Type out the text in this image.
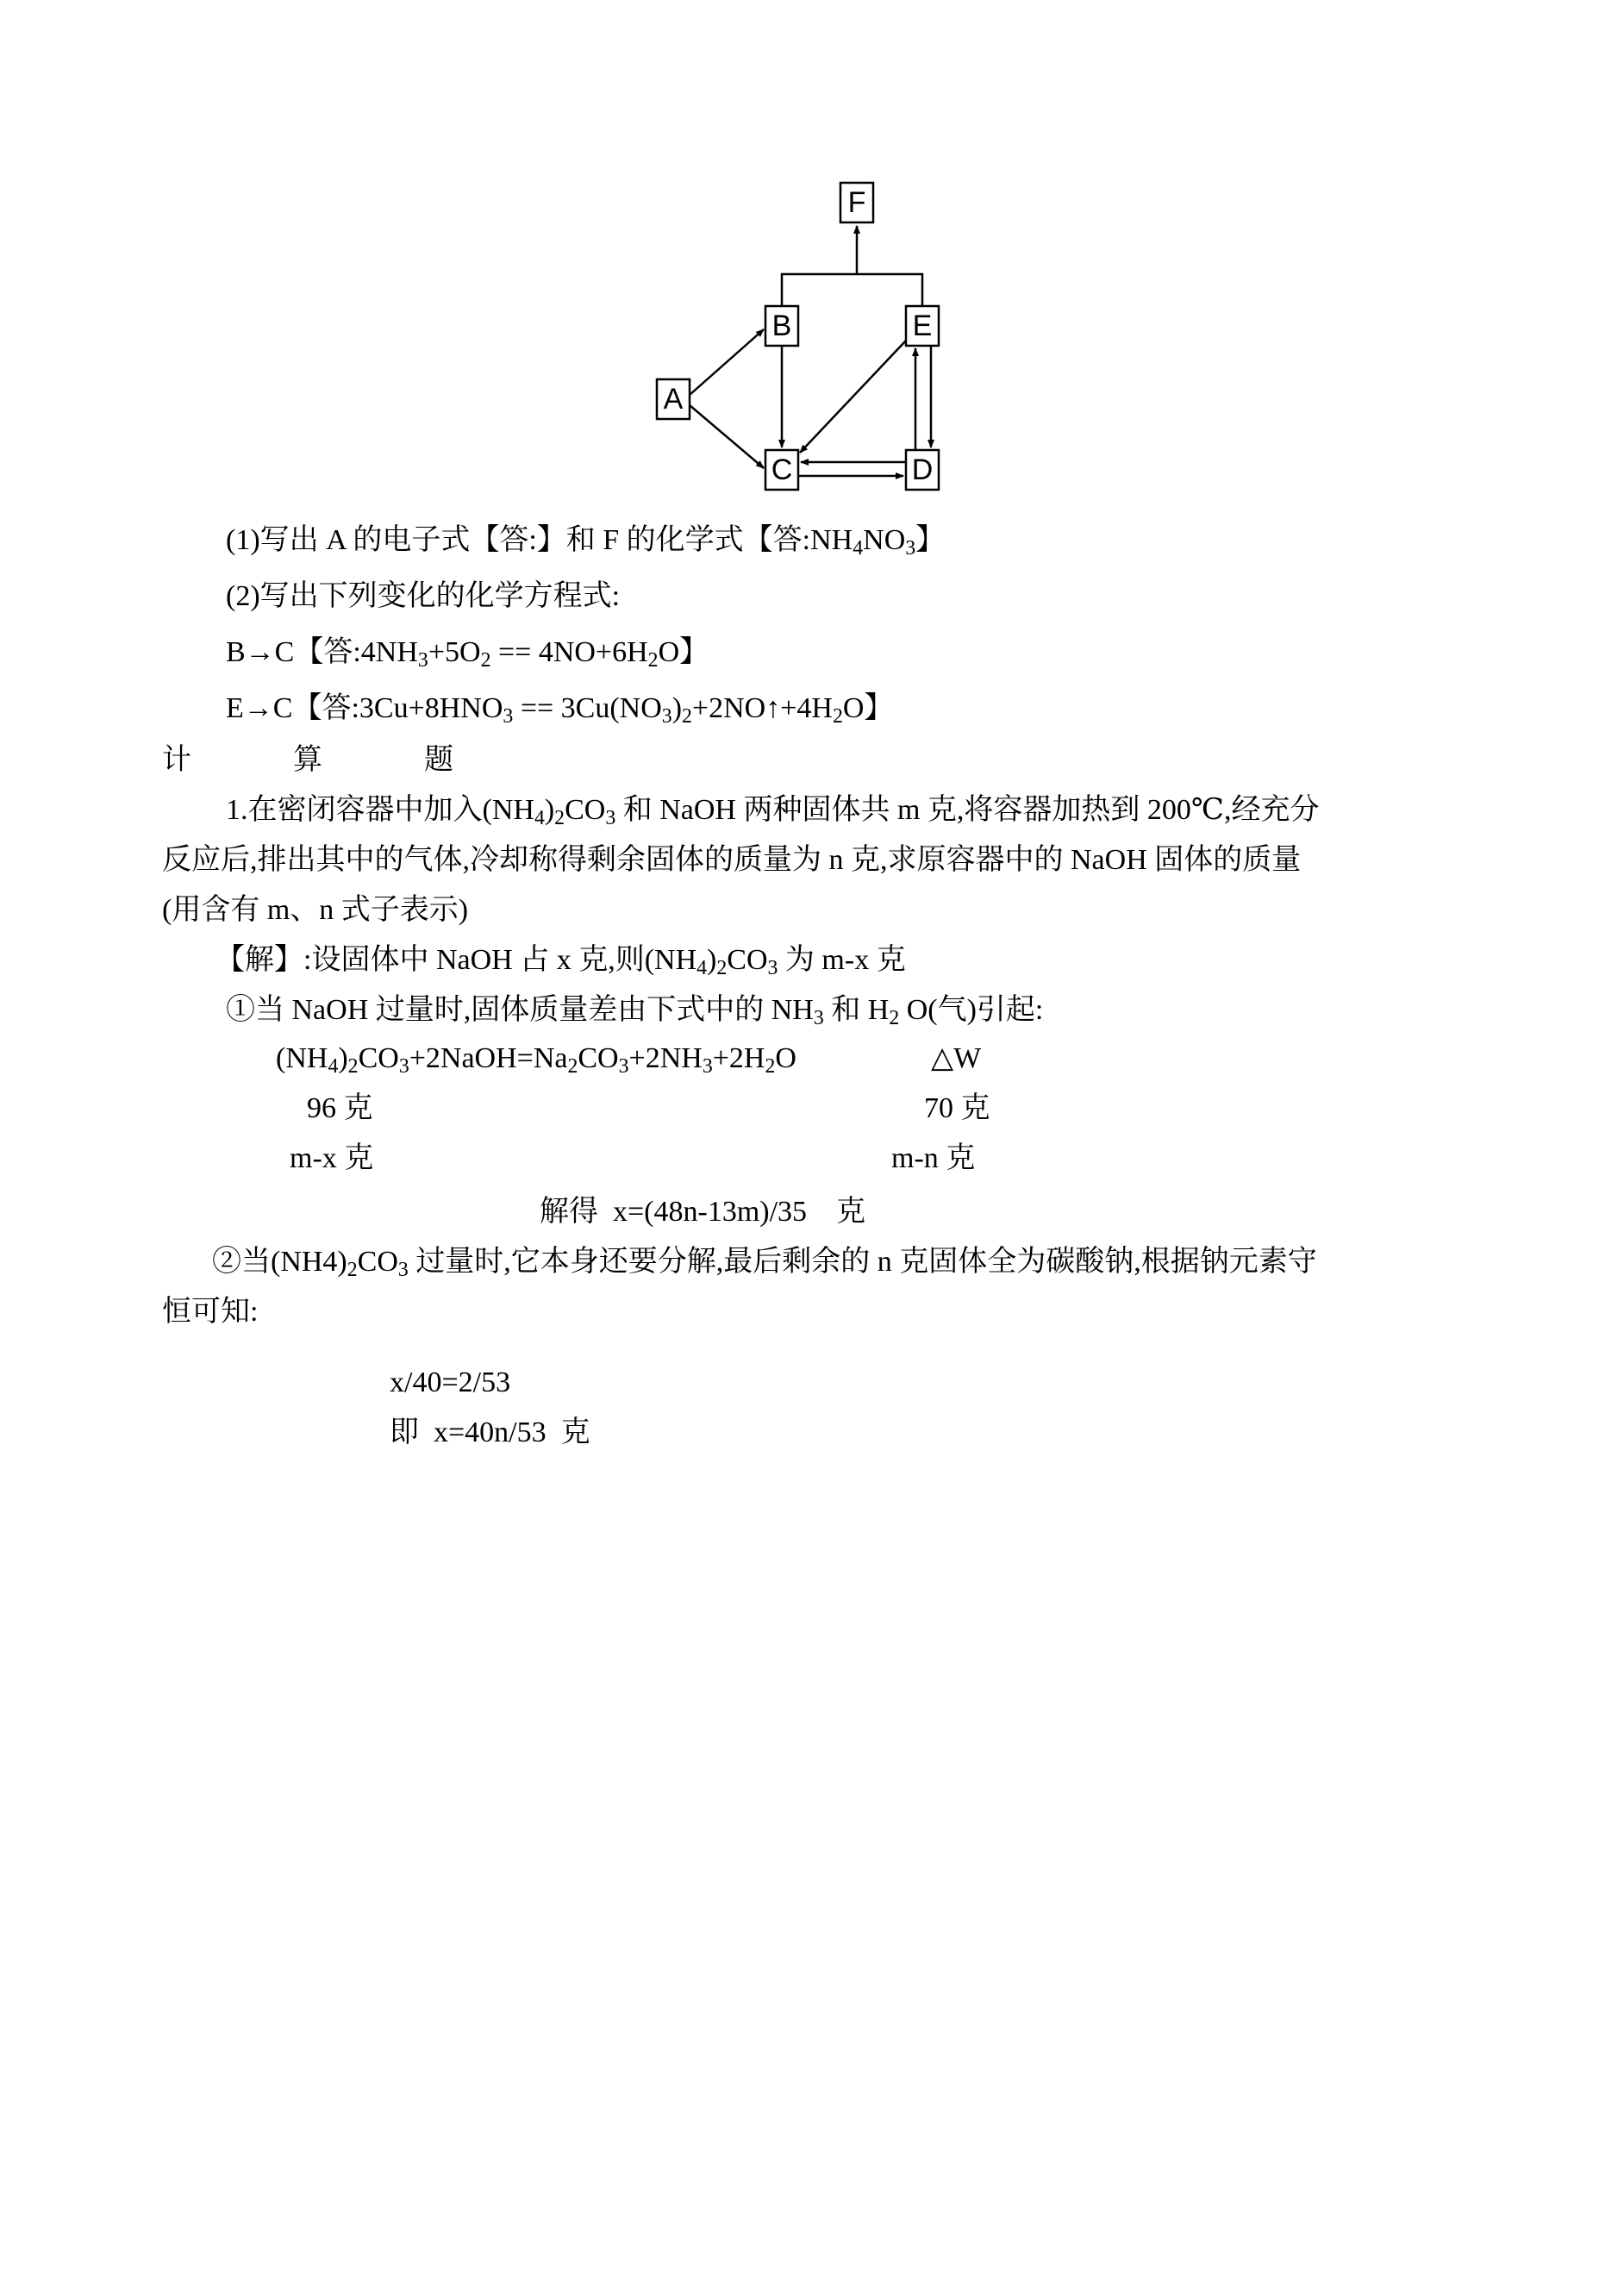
F
B	E
A
C	D
(1)写出 A 的电子式【答:】和 F 的化学式【答$:NH_4NO_3$】
(2)写出下列变化的化学方程式:
B→C【答$:4NH_3+5O_2 == 4NO+6H_2O$】
E→C【答$:3Cu+8HNO_3$ == $3Cu(NO_3)_2+2NO↑+4H_2O$】
计	算	题
1.在密闭容器中加入$(NH_4)_2CO_3$ 和 NaOH 两种固体共 m 克,将容器加热到 200℃,经充分
反应后,排出其中的气体,冷却称得剩余固体的质量为 n 克,求原容器中的 NaOH 固体的质量
(用含有 m、n 式子表示)
【解】:设固体中 NaOH 占 x 克,则$(NH_4)_2CO_3$ 为 m-x 克
①当 NaOH 过量时,固体质量差由下式中的 $NH_3$ 和 $H_2$ O(气)引起:
$(NH_4)_2CO_3+2NaOH=Na_2CO_3+2NH_3+2H_2O$	△W
96 克	70 克
m-x 克	m-n 克
解得  x=(48n-13m)/35    克
②当$(NH4)_2CO_3$ 过量时,它本身还要分解,最后剩余的 n 克固体全为碳酸钠,根据钠元素守
恒可知:
x/40=2/53
即  x=40n/53  克
